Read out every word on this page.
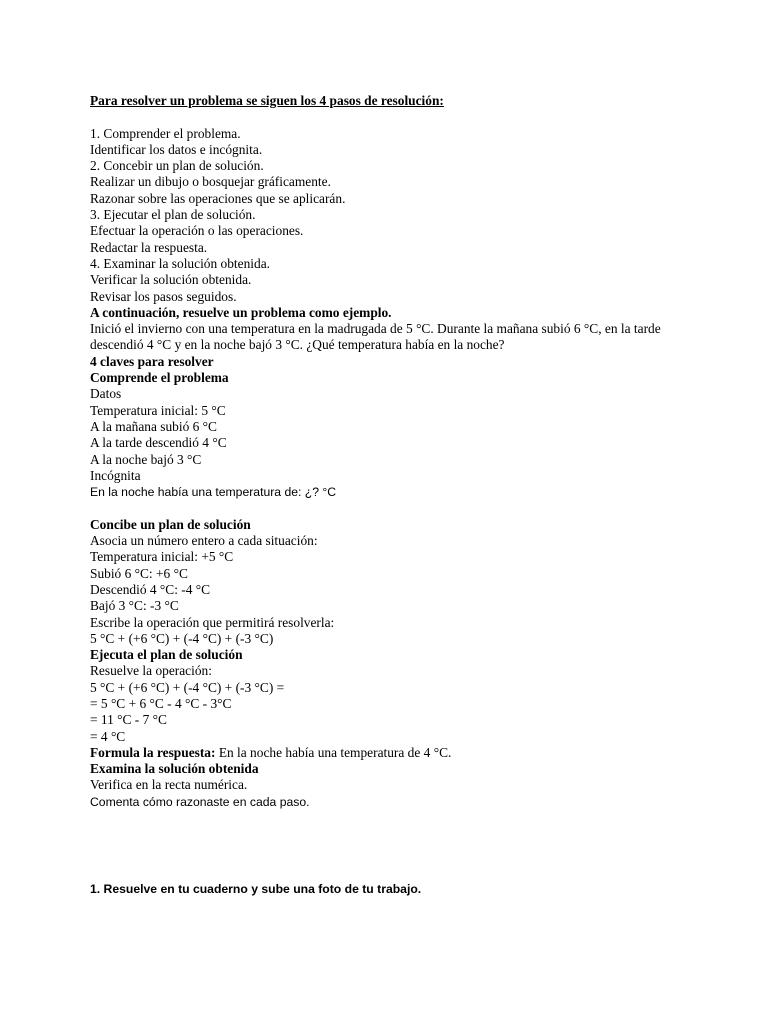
Para resolver un problema se siguen los 4 pasos de resolución:
1. Comprender el problema.
Identificar los datos e incógnita.
2. Concebir un plan de solución.
Realizar un dibujo o bosquejar gráficamente.
Razonar sobre las operaciones que se aplicarán.
3. Ejecutar el plan de solución.
Efectuar la operación o las operaciones.
Redactar la respuesta.
4. Examinar la solución obtenida.
Verificar la solución obtenida.
Revisar los pasos seguidos.
A continuación, resuelve un problema como ejemplo.
Inició el invierno con una temperatura en la madrugada de 5 °C. Durante la mañana subió 6 °C, en la tarde descendió 4 °C y en la noche bajó 3 °C. ¿Qué temperatura había en la noche?
4 claves para resolver
Comprende el problema
Datos
Temperatura inicial: 5 °C
A la mañana subió 6 °C
A la tarde descendió 4 °C
A la noche bajó 3 °C
Incógnita
En la noche había una temperatura de: ¿? °C
Concibe un plan de solución
Asocia un número entero a cada situación:
Temperatura inicial: +5 °C
Subió 6 °C: +6 °C
Descendió 4 °C: -4 °C
Bajó 3 °C: -3 °C
Escribe la operación que permitirá resolverla:
5 °C + (+6 °C) + (-4 °C) + (-3 °C)
Ejecuta el plan de solución
Resuelve la operación:
5 °C + (+6 °C) + (-4 °C) + (-3 °C) =
= 5 °C + 6 °C - 4 °C - 3°C
= 11 °C - 7 °C
= 4 °C
Formula la respuesta: En la noche había una temperatura de 4 °C.
Examina la solución obtenida
Verifica en la recta numérica.
Comenta cómo razonaste en cada paso.
1. Resuelve en tu cuaderno y sube una foto de tu trabajo.
